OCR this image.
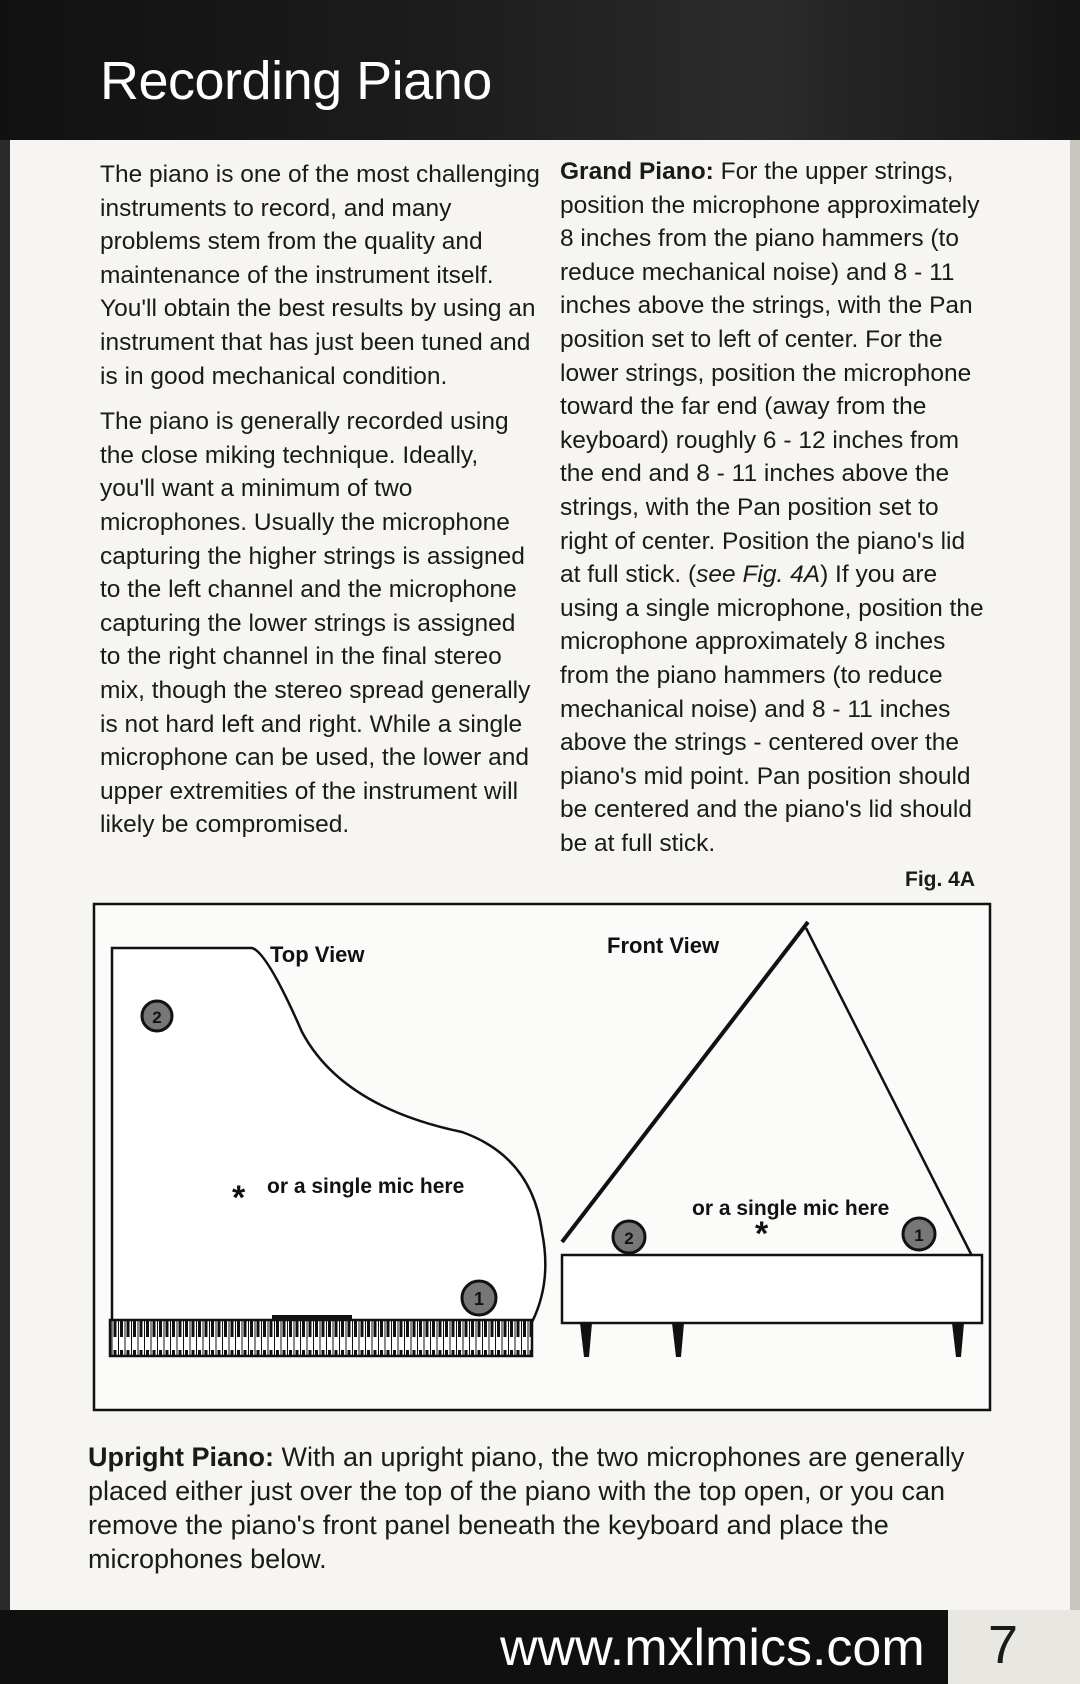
Recording Piano

The piano is one of the most challenging instruments to record, and many problems stem from the quality and maintenance of the instrument itself. You'll obtain the best results by using an instrument that has just been tuned and is in good mechanical condition.

The piano is generally recorded using the close miking technique. Ideally, you'll want a minimum of two microphones. Usually the microphone capturing the higher strings is assigned to the left channel and the microphone capturing the lower strings is assigned to the right channel in the final stereo mix, though the stereo spread generally is not hard left and right. While a single microphone can be used, the lower and upper extremities of the instrument will likely be compromised.

Grand Piano: For the upper strings, position the microphone approximately 8 inches from the piano hammers (to reduce mechanical noise) and 8 - 11 inches above the strings, with the Pan position set to left of center. For the lower strings, position the microphone toward the far end (away from the keyboard) roughly 6 - 12 inches from the end and 8 - 11 inches above the strings, with the Pan position set to right of center. Position the piano's lid at full stick. (see Fig. 4A) If you are using a single microphone, position the microphone approximately 8 inches from the piano hammers (to reduce mechanical noise) and 8 - 11 inches above the strings - centered over the piano's mid point. Pan position should be centered and the piano's lid should be at full stick.

Fig. 4A
Top View
2
1
* or a single mic here
Front View
or a single mic here
*
2	1
Upright Piano: With an upright piano, the two microphones are generally placed either just over the top of the piano with the top open, or you can remove the piano's front panel beneath the keyboard and place the microphones below.
www.mxlmics.com 7
